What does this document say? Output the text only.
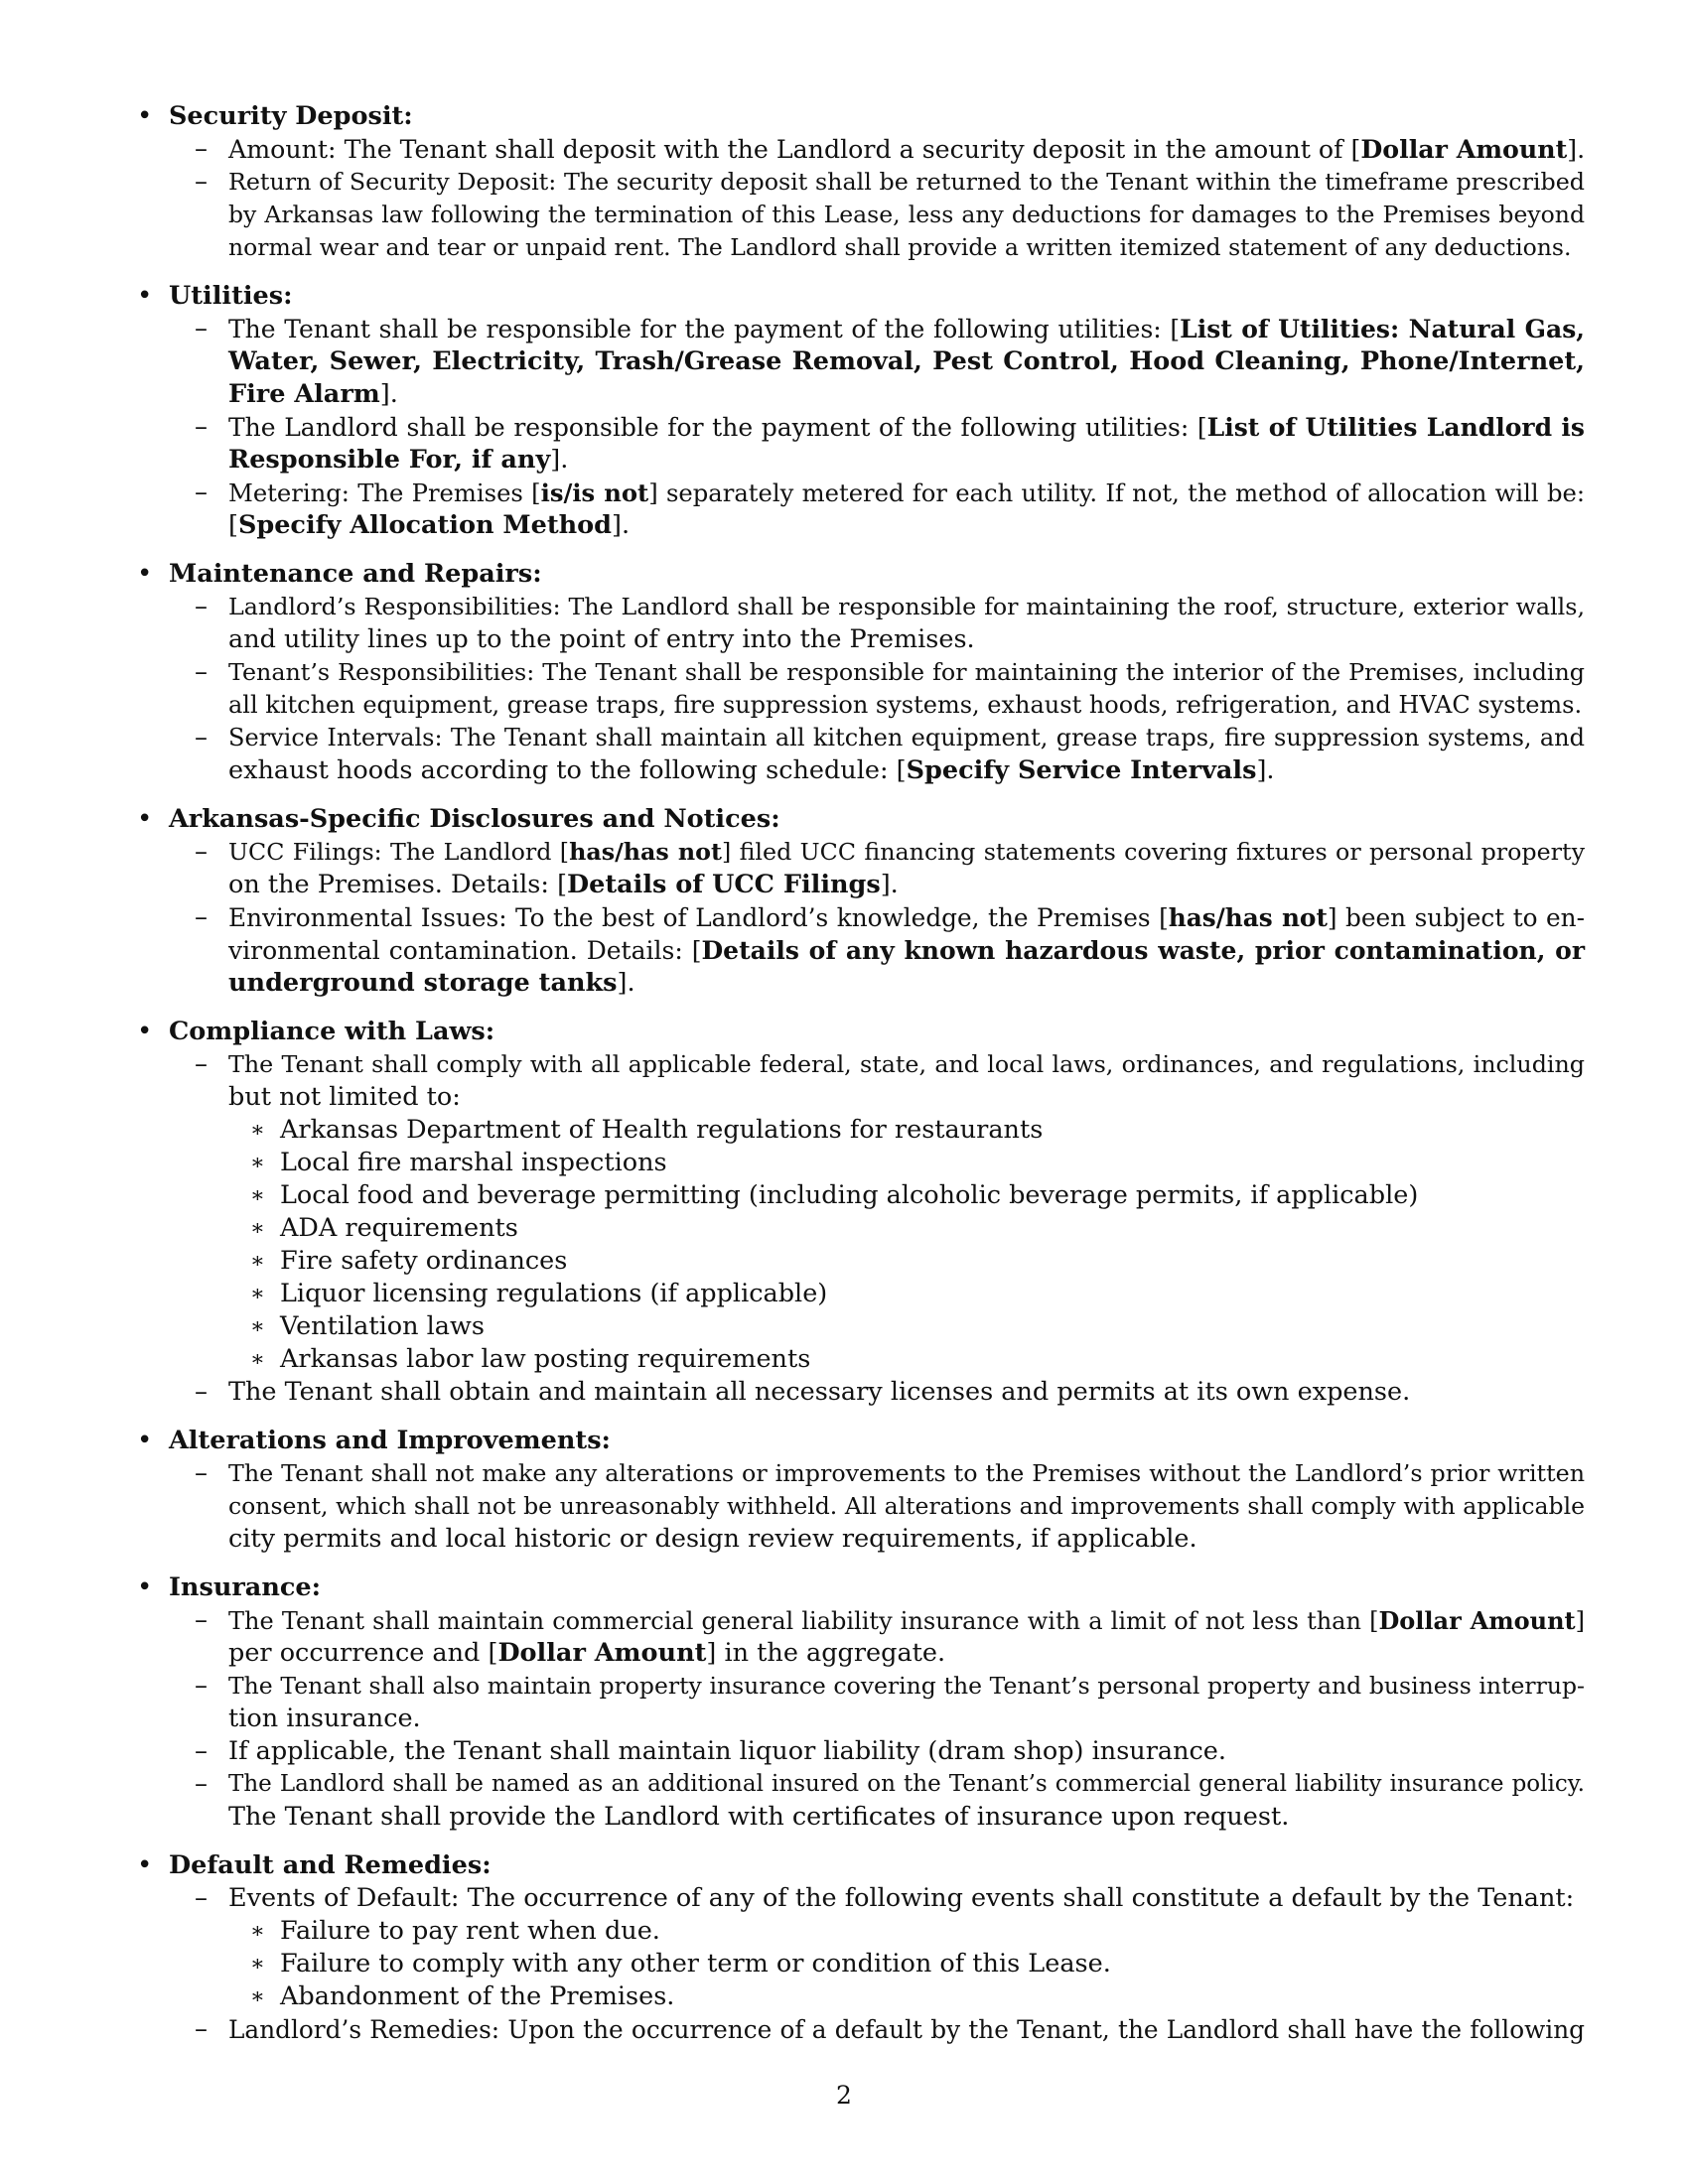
• Security Deposit:
– Amount: The Tenant shall deposit with the Landlord a security deposit in the amount of [Dollar Amount].
– Return of Security Deposit: The security deposit shall be returned to the Tenant within the timeframe prescribed
by Arkansas law following the termination of this Lease, less any deductions for damages to the Premises beyond
normal wear and tear or unpaid rent. The Landlord shall provide a written itemized statement of any deductions.
• Utilities:
– The Tenant shall be responsible for the payment of the following utilities: [List of Utilities: Natural Gas,
Water, Sewer, Electricity, Trash/Grease Removal, Pest Control, Hood Cleaning, Phone/Internet,
Fire Alarm].
– The Landlord shall be responsible for the payment of the following utilities: [List of Utilities Landlord is
Responsible For, if any].
– Metering: The Premises [is/is not] separately metered for each utility. If not, the method of allocation will be:
[Specify Allocation Method].
• Maintenance and Repairs:
– Landlord’s Responsibilities: The Landlord shall be responsible for maintaining the roof, structure, exterior walls,
and utility lines up to the point of entry into the Premises.
– Tenant’s Responsibilities: The Tenant shall be responsible for maintaining the interior of the Premises, including
all kitchen equipment, grease traps, fire suppression systems, exhaust hoods, refrigeration, and HVAC systems.
– Service Intervals: The Tenant shall maintain all kitchen equipment, grease traps, fire suppression systems, and
exhaust hoods according to the following schedule: [Specify Service Intervals].
• Arkansas-Specific Disclosures and Notices:
– UCC Filings: The Landlord [has/has not] filed UCC financing statements covering fixtures or personal property
on the Premises. Details: [Details of UCC Filings].
– Environmental Issues: To the best of Landlord’s knowledge, the Premises [has/has not] been subject to en-
vironmental contamination. Details: [Details of any known hazardous waste, prior contamination, or
underground storage tanks].
• Compliance with Laws:
– The Tenant shall comply with all applicable federal, state, and local laws, ordinances, and regulations, including
but not limited to:
∗ Arkansas Department of Health regulations for restaurants
∗ Local fire marshal inspections
∗ Local food and beverage permitting (including alcoholic beverage permits, if applicable)
∗ ADA requirements
∗ Fire safety ordinances
∗ Liquor licensing regulations (if applicable)
∗ Ventilation laws
∗ Arkansas labor law posting requirements
– The Tenant shall obtain and maintain all necessary licenses and permits at its own expense.
• Alterations and Improvements:
– The Tenant shall not make any alterations or improvements to the Premises without the Landlord’s prior written
consent, which shall not be unreasonably withheld. All alterations and improvements shall comply with applicable
city permits and local historic or design review requirements, if applicable.
• Insurance:
– The Tenant shall maintain commercial general liability insurance with a limit of not less than [Dollar Amount]
per occurrence and [Dollar Amount] in the aggregate.
– The Tenant shall also maintain property insurance covering the Tenant’s personal property and business interrup-
tion insurance.
– If applicable, the Tenant shall maintain liquor liability (dram shop) insurance.
– The Landlord shall be named as an additional insured on the Tenant’s commercial general liability insurance policy.
The Tenant shall provide the Landlord with certificates of insurance upon request.
• Default and Remedies:
– Events of Default: The occurrence of any of the following events shall constitute a default by the Tenant:
∗ Failure to pay rent when due.
∗ Failure to comply with any other term or condition of this Lease.
∗ Abandonment of the Premises.
– Landlord’s Remedies: Upon the occurrence of a default by the Tenant, the Landlord shall have the following
2
